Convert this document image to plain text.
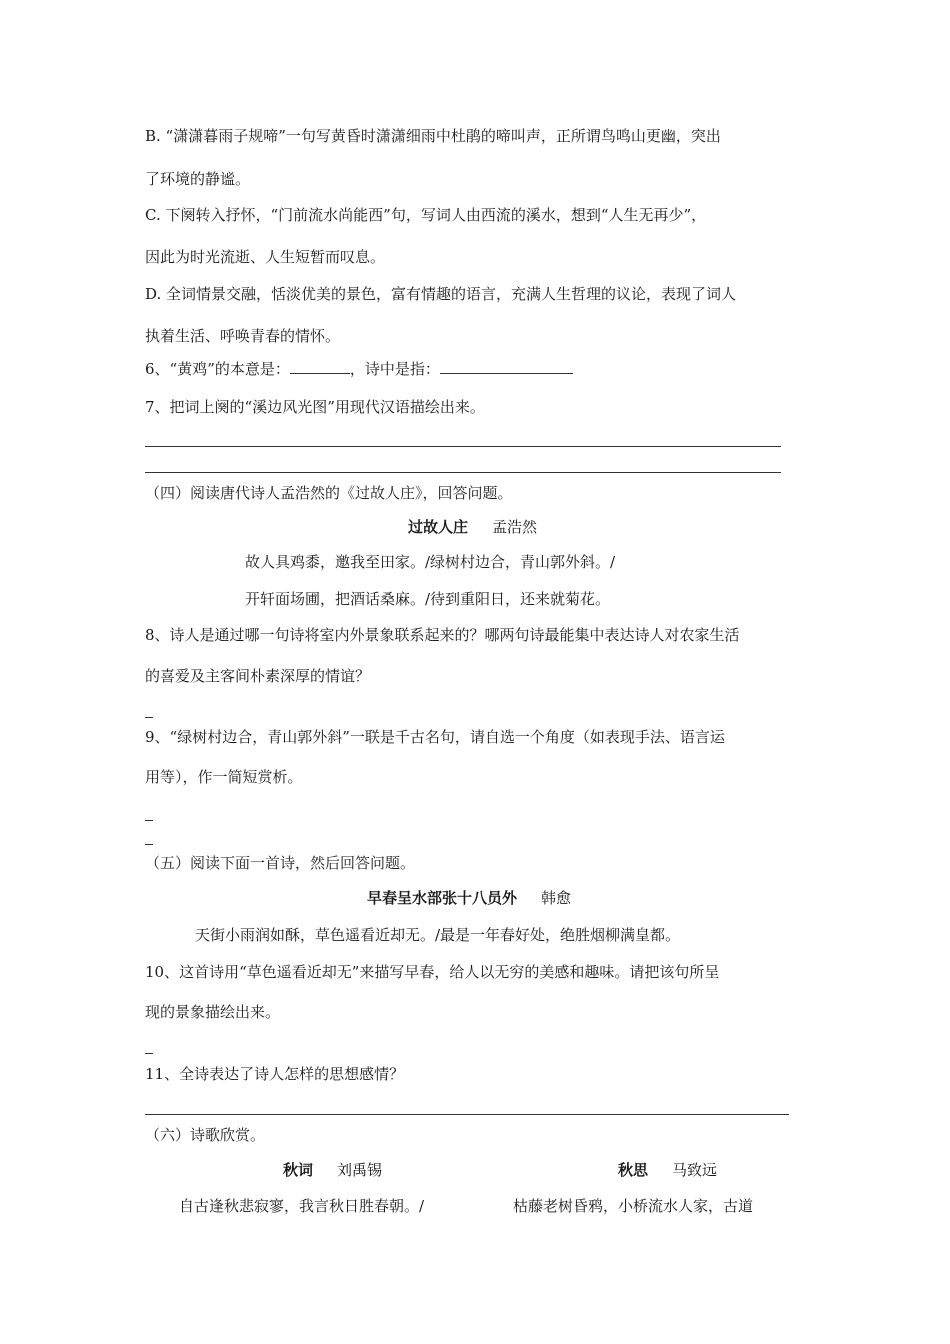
B. “潇潇暮雨子规啼”一句写黄昏时潇潇细雨中杜鹃的啼叫声，正所谓鸟鸣山更幽，突出
了环境的静谧。
C. 下阕转入抒怀，“门前流水尚能西”句，写词人由西流的溪水，想到“人生无再少”，
因此为时光流逝、人生短暂而叹息。
D. 全词情景交融，恬淡优美的景色，富有情趣的语言，充满人生哲理的议论，表现了词人
执着生活、呼唤青春的情怀。
6、“黄鸡”的本意是：	，诗中是指：
7、把词上阕的“溪边风光图”用现代汉语描绘出来。
（四）阅读唐代诗人孟浩然的《过故人庄》，回答问题。
过故人庄 孟浩然
故人具鸡黍，邀我至田家。/绿树村边合，青山郭外斜。/
开轩面场圃，把酒话桑麻。/待到重阳日，还来就菊花。
8、诗人是通过哪一句诗将室内外景象联系起来的？哪两句诗最能集中表达诗人对农家生活
的喜爱及主客间朴素深厚的情谊？
9、“绿树村边合，青山郭外斜”一联是千古名句，请自选一个角度（如表现手法、语言运
用等），作一简短赏析。
（五）阅读下面一首诗，然后回答问题。
早春呈水部张十八员外 韩愈
天街小雨润如酥，草色遥看近却无。/最是一年春好处，绝胜烟柳满皇都。
10、这首诗用“草色遥看近却无”来描写早春，给人以无穷的美感和趣味。请把该句所呈
现的景象描绘出来。
11、全诗表达了诗人怎样的思想感情？
（六）诗歌欣赏。
秋词 刘禹锡	秋思 马致远
自古逢秋悲寂寥，我言秋日胜春朝。/	枯藤老树昏鸦，小桥流水人家，古道
